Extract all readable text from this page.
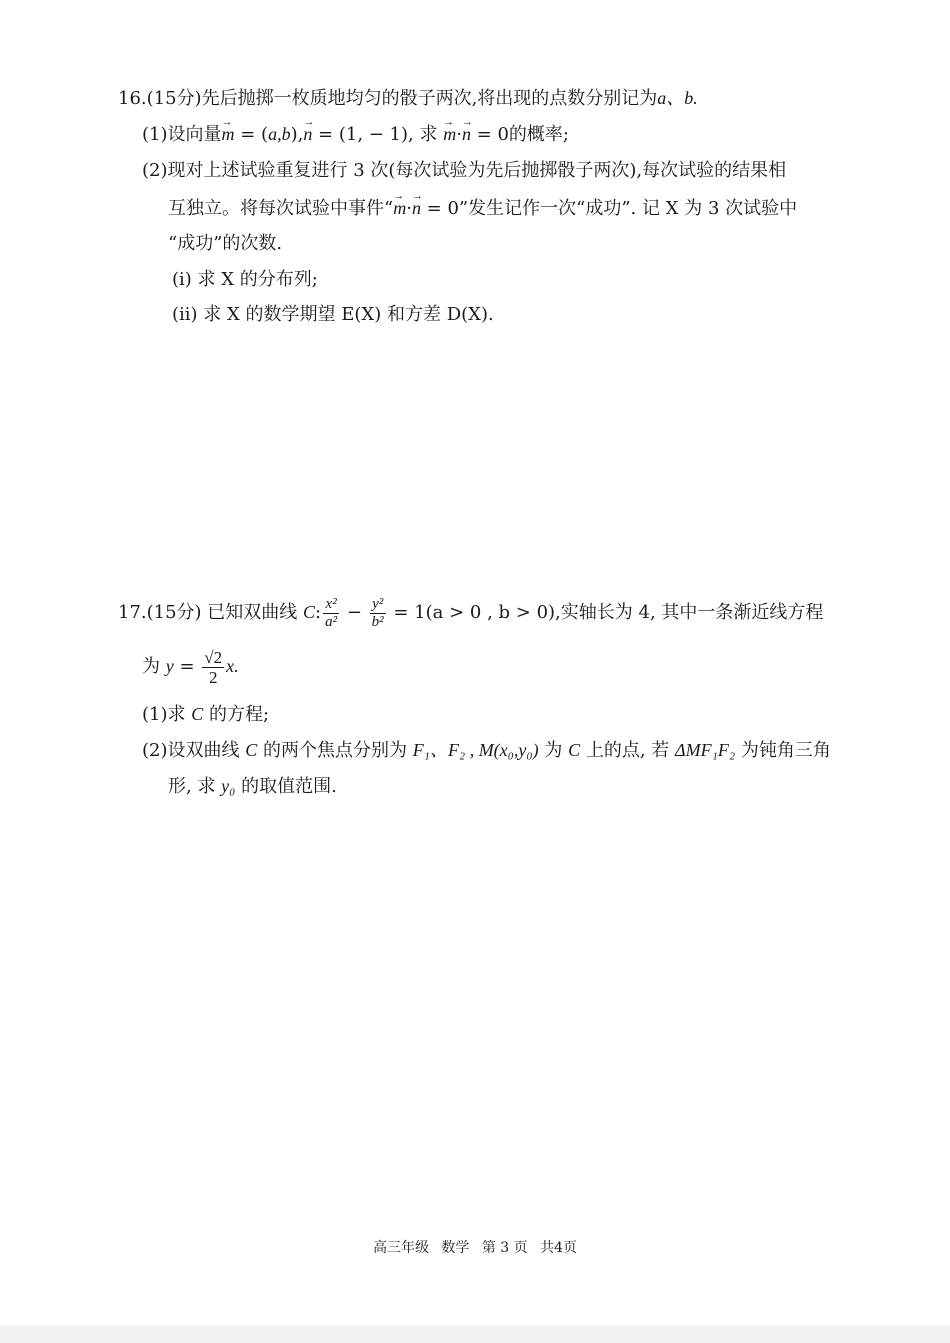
16.(15分)先后抛掷一枚质地均匀的骰子两次,将出现的点数分别记为a、b.
(1)设向量→ m = (a,b),→ n = (1, − 1), 求 → m·→ n = 0的概率;
(2)现对上述试验重复进行 3 次(每次试验为先后抛掷骰子两次),每次试验的结果相
互独立。将每次试验中事件“→ m·→ n = 0”发生记作一次“成功”. 记 X 为 3 次试验中
“成功”的次数.
(i) 求 X 的分布列;
(ii) 求 X 的数学期望 E(X) 和方差 D(X).
17.(15分) 已知双曲线 C: $\frac{\text{x²}}{\text{a²}} - \frac{\text{y²}}{\text{b²}} = 1(a > 0$ , b > 0),实轴长为 4, 其中一条渐近线方程
为 $y = \frac{√2}{2} x$.
(1)求 C 的方程;
(2)设双曲线 C 的两个焦点分别为 F₁、F₂ , M(x₀,y₀) 为 C 上的点, 若 ΔMF₁F₂ 为钝角三角
形, 求 y₀ 的取值范围.
高三年级 数学 第 3 页 共4页
